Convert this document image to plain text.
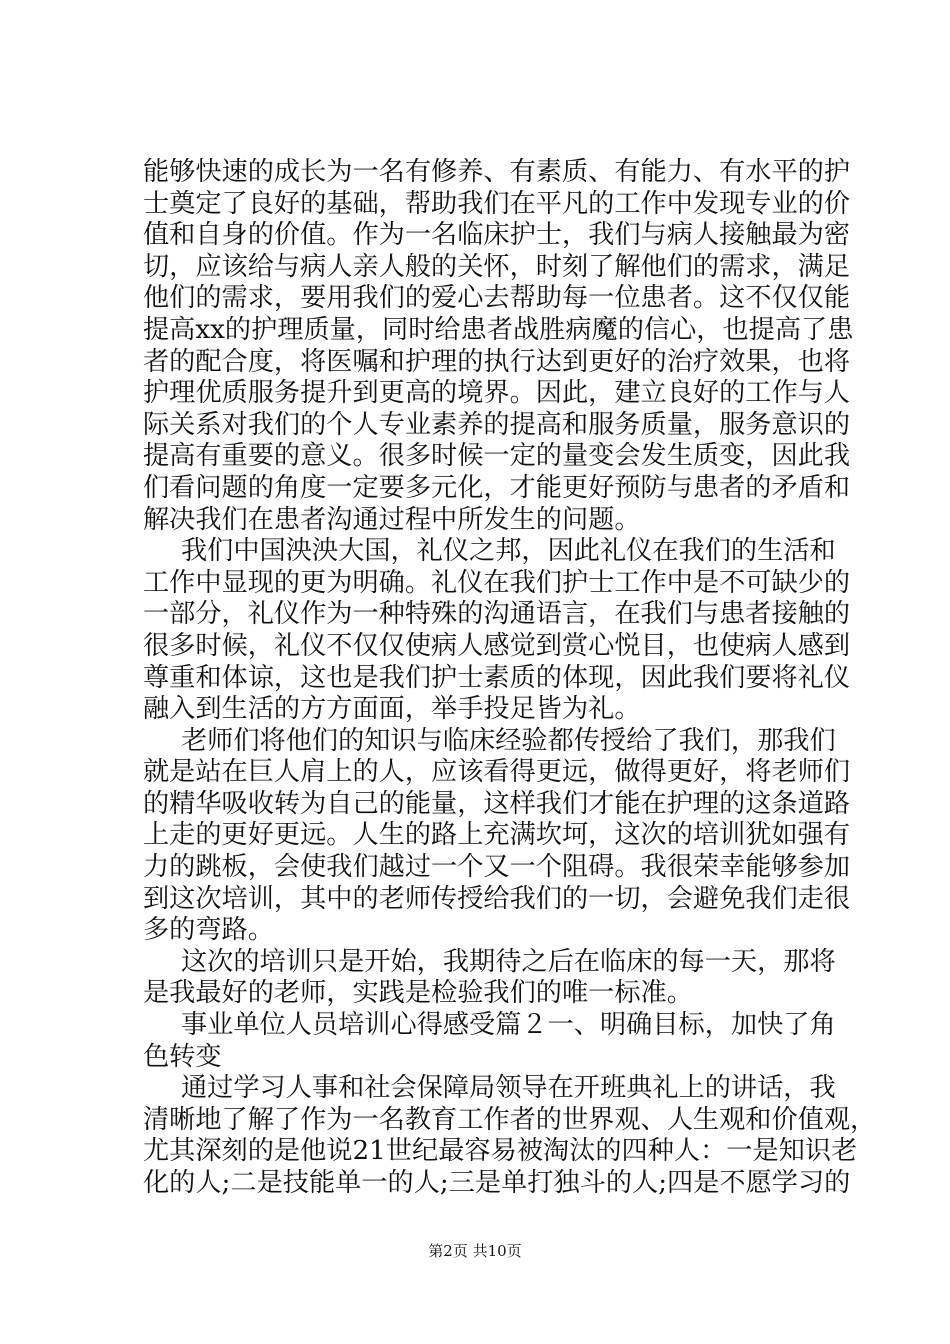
能够快速的成长为一名有修养、有素质、有能力、有水平的护
士奠定了良好的基础，帮助我们在平凡的工作中发现专业的价
值和自身的价值。作为一名临床护士，我们与病人接触最为密
切，应该给与病人亲人般的关怀，时刻了解他们的需求，满足
他们的需求，要用我们的爱心去帮助每一位患者。这不仅仅能
提高xx的护理质量，同时给患者战胜病魔的信心，也提高了患
者的配合度，将医嘱和护理的执行达到更好的治疗效果，也将
护理优质服务提升到更高的境界。因此，建立良好的工作与人
际关系对我们的个人专业素养的提高和服务质量，服务意识的
提高有重要的意义。很多时候一定的量变会发生质变，因此我
们看问题的角度一定要多元化，才能更好预防与患者的矛盾和
解决我们在患者沟通过程中所发生的问题。
我们中国泱泱大国，礼仪之邦，因此礼仪在我们的生活和
工作中显现的更为明确。礼仪在我们护士工作中是不可缺少的
一部分，礼仪作为一种特殊的沟通语言，在我们与患者接触的
很多时候，礼仪不仅仅使病人感觉到赏心悦目，也使病人感到
尊重和体谅，这也是我们护士素质的体现，因此我们要将礼仪
融入到生活的方方面面，举手投足皆为礼。
老师们将他们的知识与临床经验都传授给了我们，那我们
就是站在巨人肩上的人，应该看得更远，做得更好，将老师们
的精华吸收转为自己的能量，这样我们才能在护理的这条道路
上走的更好更远。人生的路上充满坎坷，这次的培训犹如强有
力的跳板，会使我们越过一个又一个阻碍。我很荣幸能够参加
到这次培训，其中的老师传授给我们的一切，会避免我们走很
多的弯路。
这次的培训只是开始，我期待之后在临床的每一天，那将
是我最好的老师，实践是检验我们的唯一标准。
事业单位人员培训心得感受篇２一、明确目标，加快了角
色转变
通过学习人事和社会保障局领导在开班典礼上的讲话，我
清晰地了解了作为一名教育工作者的世界观、人生观和价值观，
尤其深刻的是他说21世纪最容易被淘汰的四种人：一是知识老
化的人;二是技能单一的人;三是单打独斗的人;四是不愿学习的
第2页 共10页
